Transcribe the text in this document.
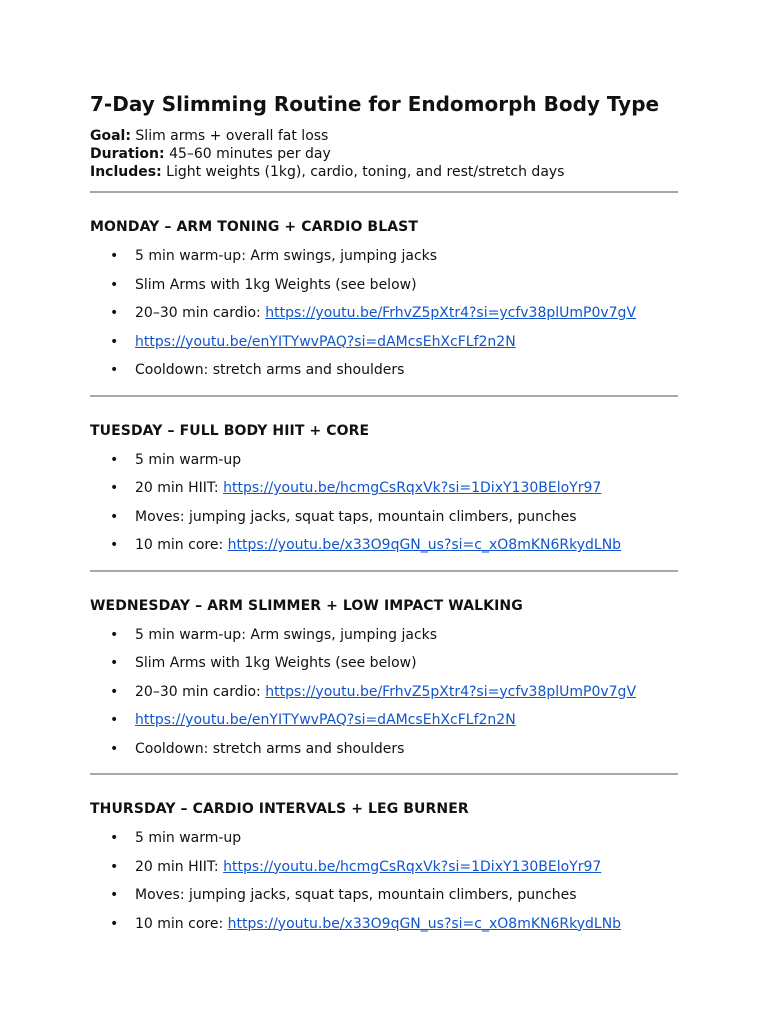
7-Day Slimming Routine for Endomorph Body Type
Goal: Slim arms + overall fat loss
Duration: 45–60 minutes per day
Includes: Light weights (1kg), cardio, toning, and rest/stretch days
MONDAY – ARM TONING + CARDIO BLAST
• 5 min warm-up: Arm swings, jumping jacks
• Slim Arms with 1kg Weights (see below)
• 20–30 min cardio: https://youtu.be/FrhvZ5pXtr4?si=ycfv38plUmP0v7gV
• https://youtu.be/enYITYwvPAQ?si=dAMcsEhXcFLf2n2N
• Cooldown: stretch arms and shoulders
TUESDAY – FULL BODY HIIT + CORE
• 5 min warm-up
• 20 min HIIT: https://youtu.be/hcmgCsRqxVk?si=1DixY130BEloYr97
• Moves: jumping jacks, squat taps, mountain climbers, punches
• 10 min core: https://youtu.be/x33O9qGN_us?si=c_xO8mKN6RkydLNb
WEDNESDAY – ARM SLIMMER + LOW IMPACT WALKING
• 5 min warm-up: Arm swings, jumping jacks
• Slim Arms with 1kg Weights (see below)
• 20–30 min cardio: https://youtu.be/FrhvZ5pXtr4?si=ycfv38plUmP0v7gV
• https://youtu.be/enYITYwvPAQ?si=dAMcsEhXcFLf2n2N
• Cooldown: stretch arms and shoulders
THURSDAY – CARDIO INTERVALS + LEG BURNER
• 5 min warm-up
• 20 min HIIT: https://youtu.be/hcmgCsRqxVk?si=1DixY130BEloYr97
• Moves: jumping jacks, squat taps, mountain climbers, punches
• 10 min core: https://youtu.be/x33O9qGN_us?si=c_xO8mKN6RkydLNb
